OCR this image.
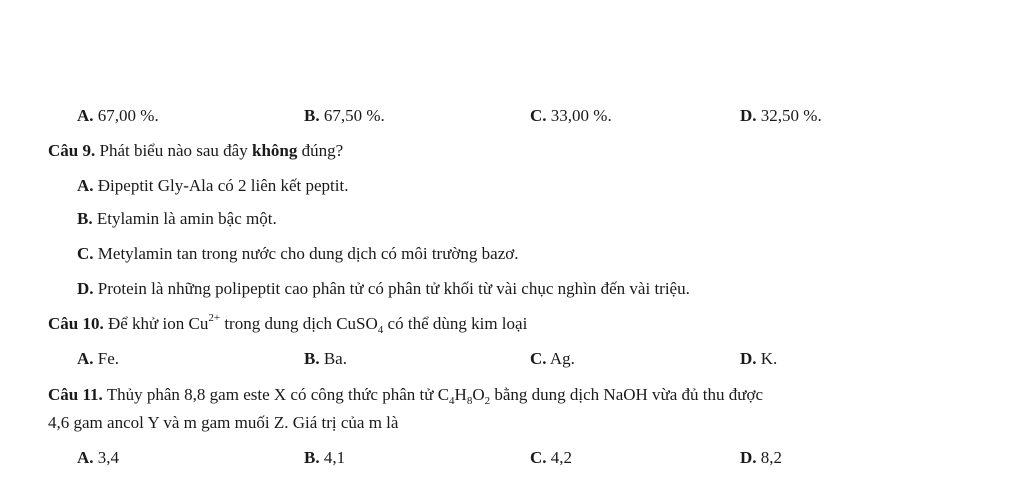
A. 67,00 %.	B. 67,50 %.	C. 33,00 %.	D. 32,50 %.
Câu 9. Phát biểu nào sau đây không đúng?
A. Đipeptit Gly-Ala có 2 liên kết peptit.
B. Etylamin là amin bậc một.
C. Metylamin tan trong nước cho dung dịch có môi trường bazơ.
D. Protein là những polipeptit cao phân tử có phân tử khối từ vài chục nghìn đến vài triệu.
Câu 10. Để khử ion $Cu^{2+}$ trong dung dịch CuSO$_4$ có thể dùng kim loại
A. Fe.	B. Ba.	C. Ag.	D. K.
Câu 11. Thủy phân 8,8 gam este X có công thức phân tử $C_4H_8O_2$ bằng dung dịch NaOH vừa đủ thu được
4,6 gam ancol Y và m gam muối Z. Giá trị của m là
A. 3,4	B. 4,1	C. 4,2	D. 8,2
